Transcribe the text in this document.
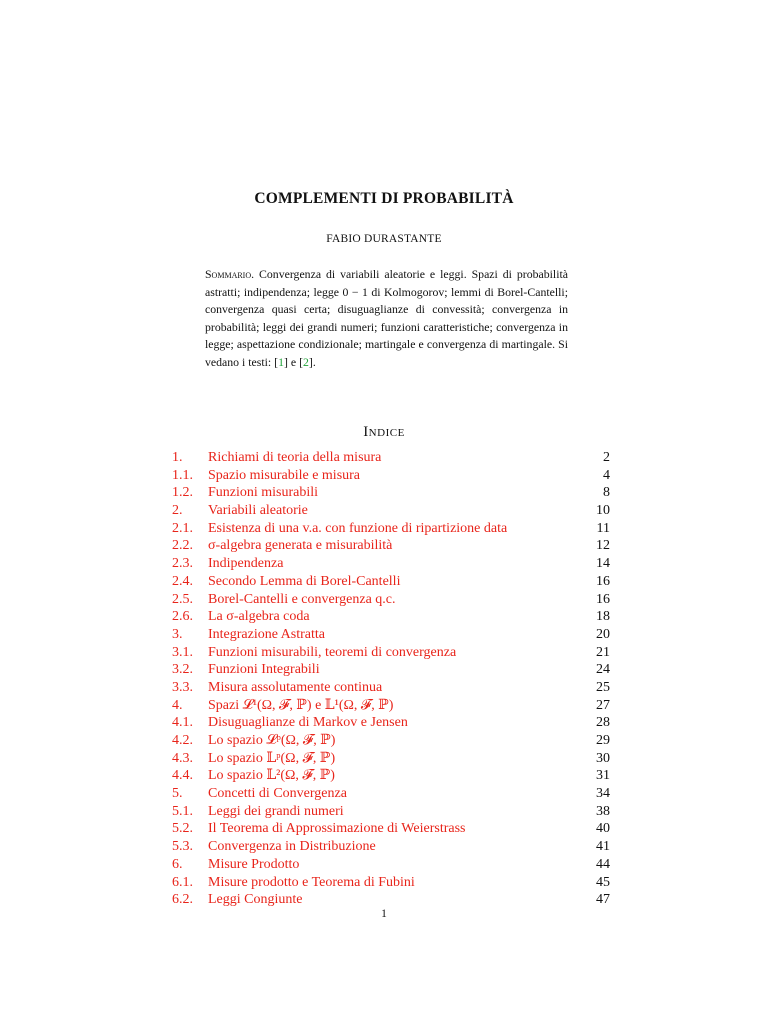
COMPLEMENTI DI PROBABILITÀ
FABIO DURASTANTE
Sommario. Convergenza di variabili aleatorie e leggi. Spazi di probabilità astratti; indipendenza; legge 0 − 1 di Kolmogorov; lemmi di Borel-Cantelli; convergenza quasi certa; disuguaglianze di convessità; convergenza in probabilità; leggi dei grandi numeri; funzioni caratteristiche; convergenza in legge; aspettazione condizionale; martingale e convergenza di martingale. Si vedano i testi: [1] e [2].
Indice
1.	Richiami di teoria della misura	2
1.1.	Spazio misurabile e misura	4
1.2.	Funzioni misurabili	8
2.	Variabili aleatorie	10
2.1.	Esistenza di una v.a. con funzione di ripartizione data	11
2.2.	σ-algebra generata e misurabilità	12
2.3.	Indipendenza	14
2.4.	Secondo Lemma di Borel-Cantelli	16
2.5.	Borel-Cantelli e convergenza q.c.	16
2.6.	La σ-algebra coda	18
3.	Integrazione Astratta	20
3.1.	Funzioni misurabili, teoremi di convergenza	21
3.2.	Funzioni Integrabili	24
3.3.	Misura assolutamente continua	25
4.	Spazi 𝓛¹(Ω, 𝓕, ℙ) e 𝕃¹(Ω, 𝓕, ℙ)	27
4.1.	Disuguaglianze di Markov e Jensen	28
4.2.	Lo spazio 𝓛ᵖ(Ω, 𝓕, ℙ)	29
4.3.	Lo spazio 𝕃ᵖ(Ω, 𝓕, ℙ)	30
4.4.	Lo spazio 𝕃²(Ω, 𝓕, ℙ)	31
5.	Concetti di Convergenza	34
5.1.	Leggi dei grandi numeri	38
5.2.	Il Teorema di Approssimazione di Weierstrass	40
5.3.	Convergenza in Distribuzione	41
6.	Misure Prodotto	44
6.1.	Misure prodotto e Teorema di Fubini	45
6.2.	Leggi Congiunte	47
1
